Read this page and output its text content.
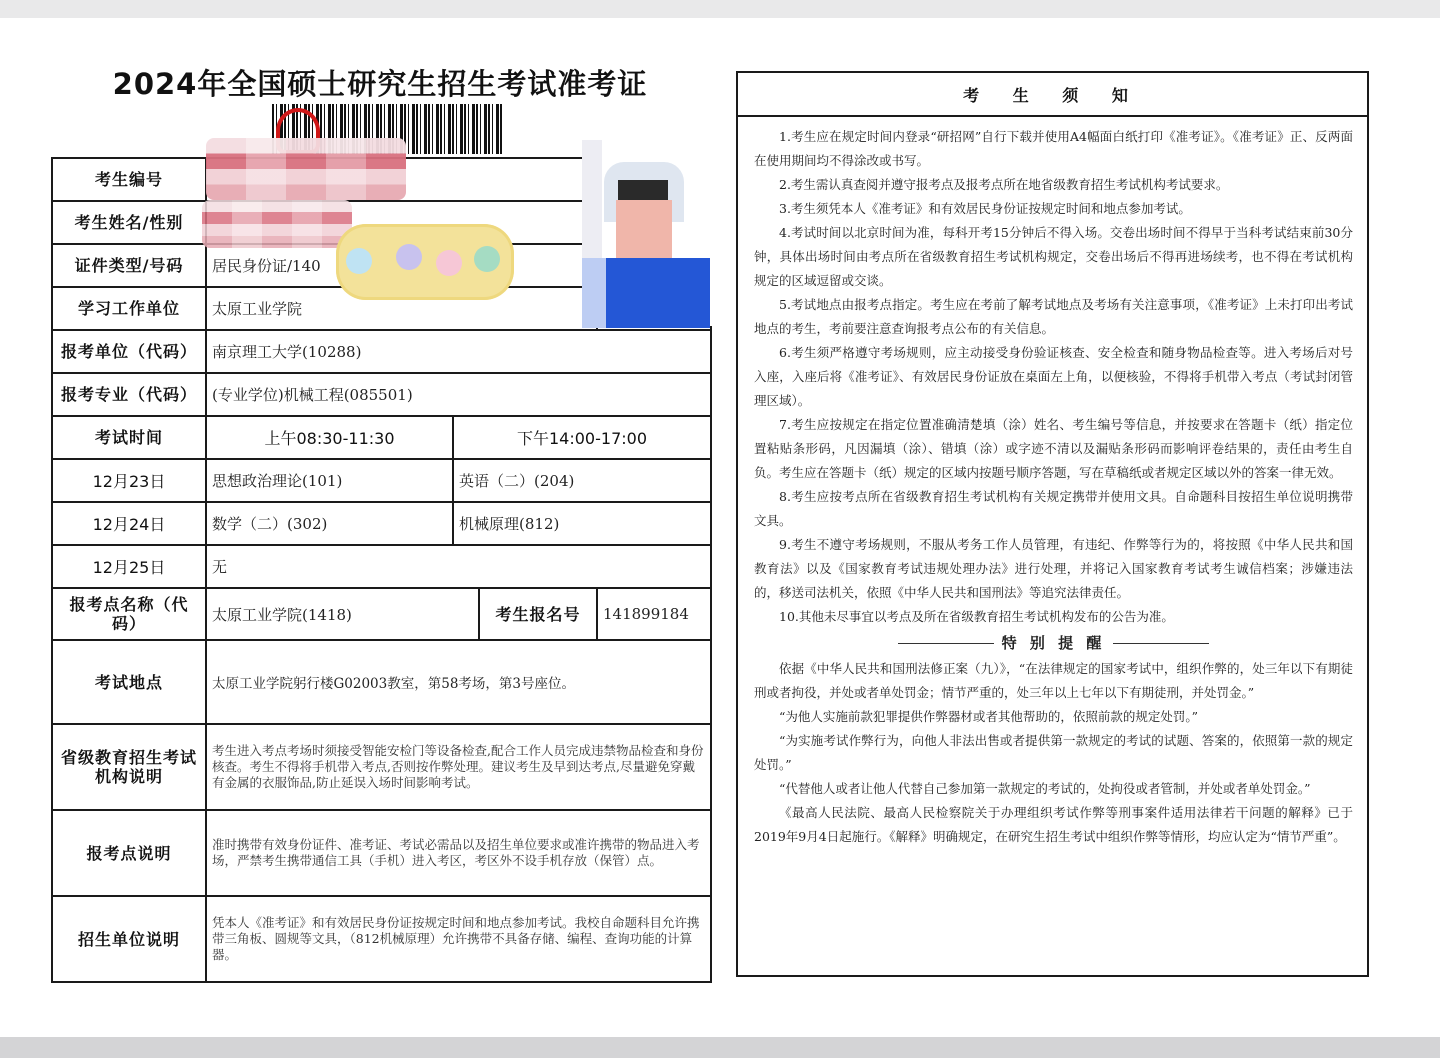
2024年全国硕士研究生招生考试准考证
考生编号				
考生姓名/性别				
证件类型/号码	居民身份证/140			
学习工作单位	太原工业学院			
报考单位（代码）	南京理工大学(10288)			
报考专业（代码）	(专业学位)机械工程(085501)			
考试时间	上午08:30-11:30	下午14:00-17:00		
12月23日	思想政治理论(101)	英语（二）(204)		
12月24日	数学（二）(302)	机械原理(812)		
12月25日	无			
报考点名称（代码）	太原工业学院(1418)		考生报名号	141899184
考试地点	太原工业学院躬行楼G02003教室，第58考场，第3号座位。			
省级教育招生考试机构说明	考生进入考点考场时须接受智能安检门等设备检查,配合工作人员完成违禁物品检查和身份核查。考生不得将手机带入考点,否则按作弊处理。建议考生及早到达考点,尽量避免穿戴有金属的衣服饰品,防止延误入场时间影响考试。			
报考点说明	准时携带有效身份证件、准考证、考试必需品以及招生单位要求或准许携带的物品进入考场，严禁考生携带通信工具（手机）进入考区，考区外不设手机存放（保管）点。			
招生单位说明	凭本人《准考证》和有效居民身份证按规定时间和地点参加考试。我校自命题科目允许携带三角板、圆规等文具，（812机械原理）允许携带不具备存储、编程、查询功能的计算器。			
考 生 须 知

1.考生应在规定时间内登录“研招网”自行下载并使用A4幅面白纸打印《准考证》。《准考证》正、反两面在使用期间均不得涂改或书写。

2.考生需认真查阅并遵守报考点及报考点所在地省级教育招生考试机构考试要求。

3.考生须凭本人《准考证》和有效居民身份证按规定时间和地点参加考试。

4.考试时间以北京时间为准，每科开考15分钟后不得入场。交卷出场时间不得早于当科考试结束前30分钟，具体出场时间由考点所在省级教育招生考试机构规定，交卷出场后不得再进场续考，也不得在考试机构规定的区域逗留或交谈。

5.考试地点由报考点指定。考生应在考前了解考试地点及考场有关注意事项，《准考证》上未打印出考试地点的考生，考前要注意查询报考点公布的有关信息。

6.考生须严格遵守考场规则，应主动接受身份验证核查、安全检查和随身物品检查等。进入考场后对号入座，入座后将《准考证》、有效居民身份证放在桌面左上角，以便核验，不得将手机带入考点（考试封闭管理区域）。

7.考生应按规定在指定位置准确清楚填（涂）姓名、考生编号等信息，并按要求在答题卡（纸）指定位置粘贴条形码，凡因漏填（涂）、错填（涂）或字迹不清以及漏贴条形码而影响评卷结果的，责任由考生自负。考生应在答题卡（纸）规定的区域内按题号顺序答题，写在草稿纸或者规定区域以外的答案一律无效。

8.考生应按考点所在省级教育招生考试机构有关规定携带并使用文具。自命题科目按招生单位说明携带文具。

9.考生不遵守考场规则，不服从考务工作人员管理，有违纪、作弊等行为的，将按照《中华人民共和国教育法》以及《国家教育考试违规处理办法》进行处理，并将记入国家教育考试考生诚信档案；涉嫌违法的，移送司法机关，依照《中华人民共和国刑法》等追究法律责任。

10.其他未尽事宜以考点及所在省级教育招生考试机构发布的公告为准。

特 别 提 醒

依据《中华人民共和国刑法修正案（九）》，“在法律规定的国家考试中，组织作弊的，处三年以下有期徒刑或者拘役，并处或者单处罚金；情节严重的，处三年以上七年以下有期徒刑，并处罚金。”

“为他人实施前款犯罪提供作弊器材或者其他帮助的，依照前款的规定处罚。”

“为实施考试作弊行为，向他人非法出售或者提供第一款规定的考试的试题、答案的，依照第一款的规定处罚。”

“代替他人或者让他人代替自己参加第一款规定的考试的，处拘役或者管制，并处或者单处罚金。”

《最高人民法院、最高人民检察院关于办理组织考试作弊等刑事案件适用法律若干问题的解释》已于2019年9月4日起施行。《解释》明确规定，在研究生招生考试中组织作弊等情形，均应认定为“情节严重”。
